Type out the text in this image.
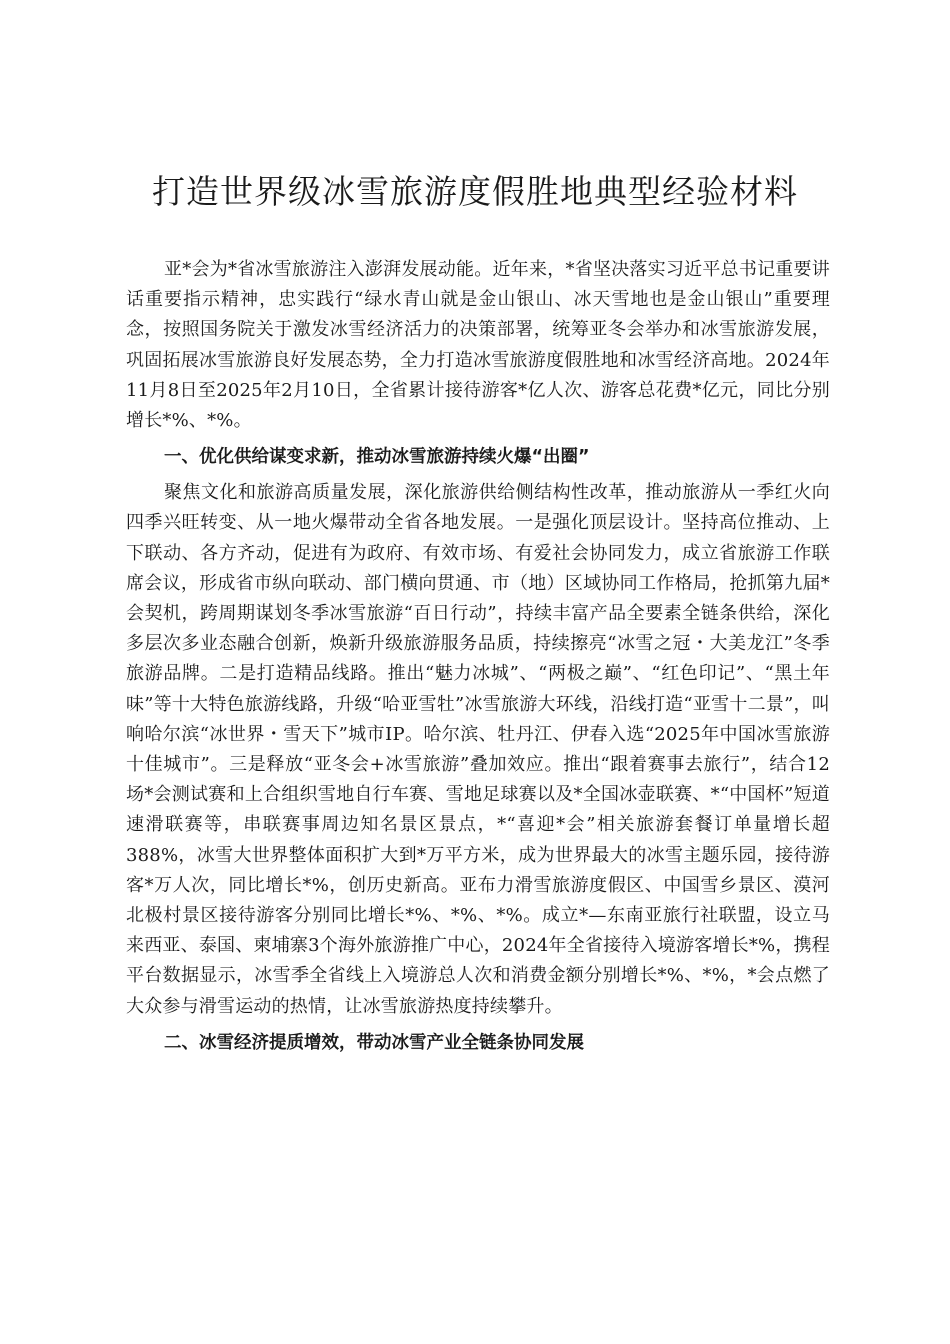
打造世界级冰雪旅游度假胜地典型经验材料

亚*会为*省冰雪旅游注入澎湃发展动能。近年来，*省坚决落实习近平总书记重要讲话重要指示精神，忠实践行“绿水青山就是金山银山、冰天雪地也是金山银山”重要理念，按照国务院关于激发冰雪经济活力的决策部署，统筹亚冬会举办和冰雪旅游发展，巩固拓展冰雪旅游良好发展态势，全力打造冰雪旅游度假胜地和冰雪经济高地。2024年11月8日至2025年2月10日，全省累计接待游客*亿人次、游客总花费*亿元，同比分别增长*%、*%。

一、优化供给谋变求新，推动冰雪旅游持续火爆“出圈”

聚焦文化和旅游高质量发展，深化旅游供给侧结构性改革，推动旅游从一季红火向四季兴旺转变、从一地火爆带动全省各地发展。一是强化顶层设计。坚持高位推动、上下联动、各方齐动，促进有为政府、有效市场、有爱社会协同发力，成立省旅游工作联席会议，形成省市纵向联动、部门横向贯通、市（地）区域协同工作格局，抢抓第九届*会契机，跨周期谋划冬季冰雪旅游“百日行动”，持续丰富产品全要素全链条供给，深化多层次多业态融合创新，焕新升级旅游服务品质，持续擦亮“冰雪之冠・大美龙江”冬季旅游品牌。二是打造精品线路。推出“魅力冰城”、“两极之巅”、“红色印记”、“黑土年味”等十大特色旅游线路，升级“哈亚雪牡”冰雪旅游大环线，沿线打造“亚雪十二景”，叫响哈尔滨“冰世界・雪天下”城市IP。哈尔滨、牡丹江、伊春入选“2025年中国冰雪旅游十佳城市”。三是释放“亚冬会+冰雪旅游”叠加效应。推出“跟着赛事去旅行”，结合12场*会测试赛和上合组织雪地自行车赛、雪地足球赛以及*全国冰壶联赛、*“中国杯”短道速滑联赛等，串联赛事周边知名景区景点，*“喜迎*会”相关旅游套餐订单量增长超388%，冰雪大世界整体面积扩大到*万平方米，成为世界最大的冰雪主题乐园，接待游客*万人次，同比增长*%，创历史新高。亚布力滑雪旅游度假区、中国雪乡景区、漠河北极村景区接待游客分别同比增长*%、*%、*%。成立*—东南亚旅行社联盟，设立马来西亚、泰国、柬埔寨3个海外旅游推广中心，2024年全省接待入境游客增长*%，携程平台数据显示，冰雪季全省线上入境游总人次和消费金额分别增长*%、*%，*会点燃了大众参与滑雪运动的热情，让冰雪旅游热度持续攀升。

二、冰雪经济提质增效，带动冰雪产业全链条协同发展
